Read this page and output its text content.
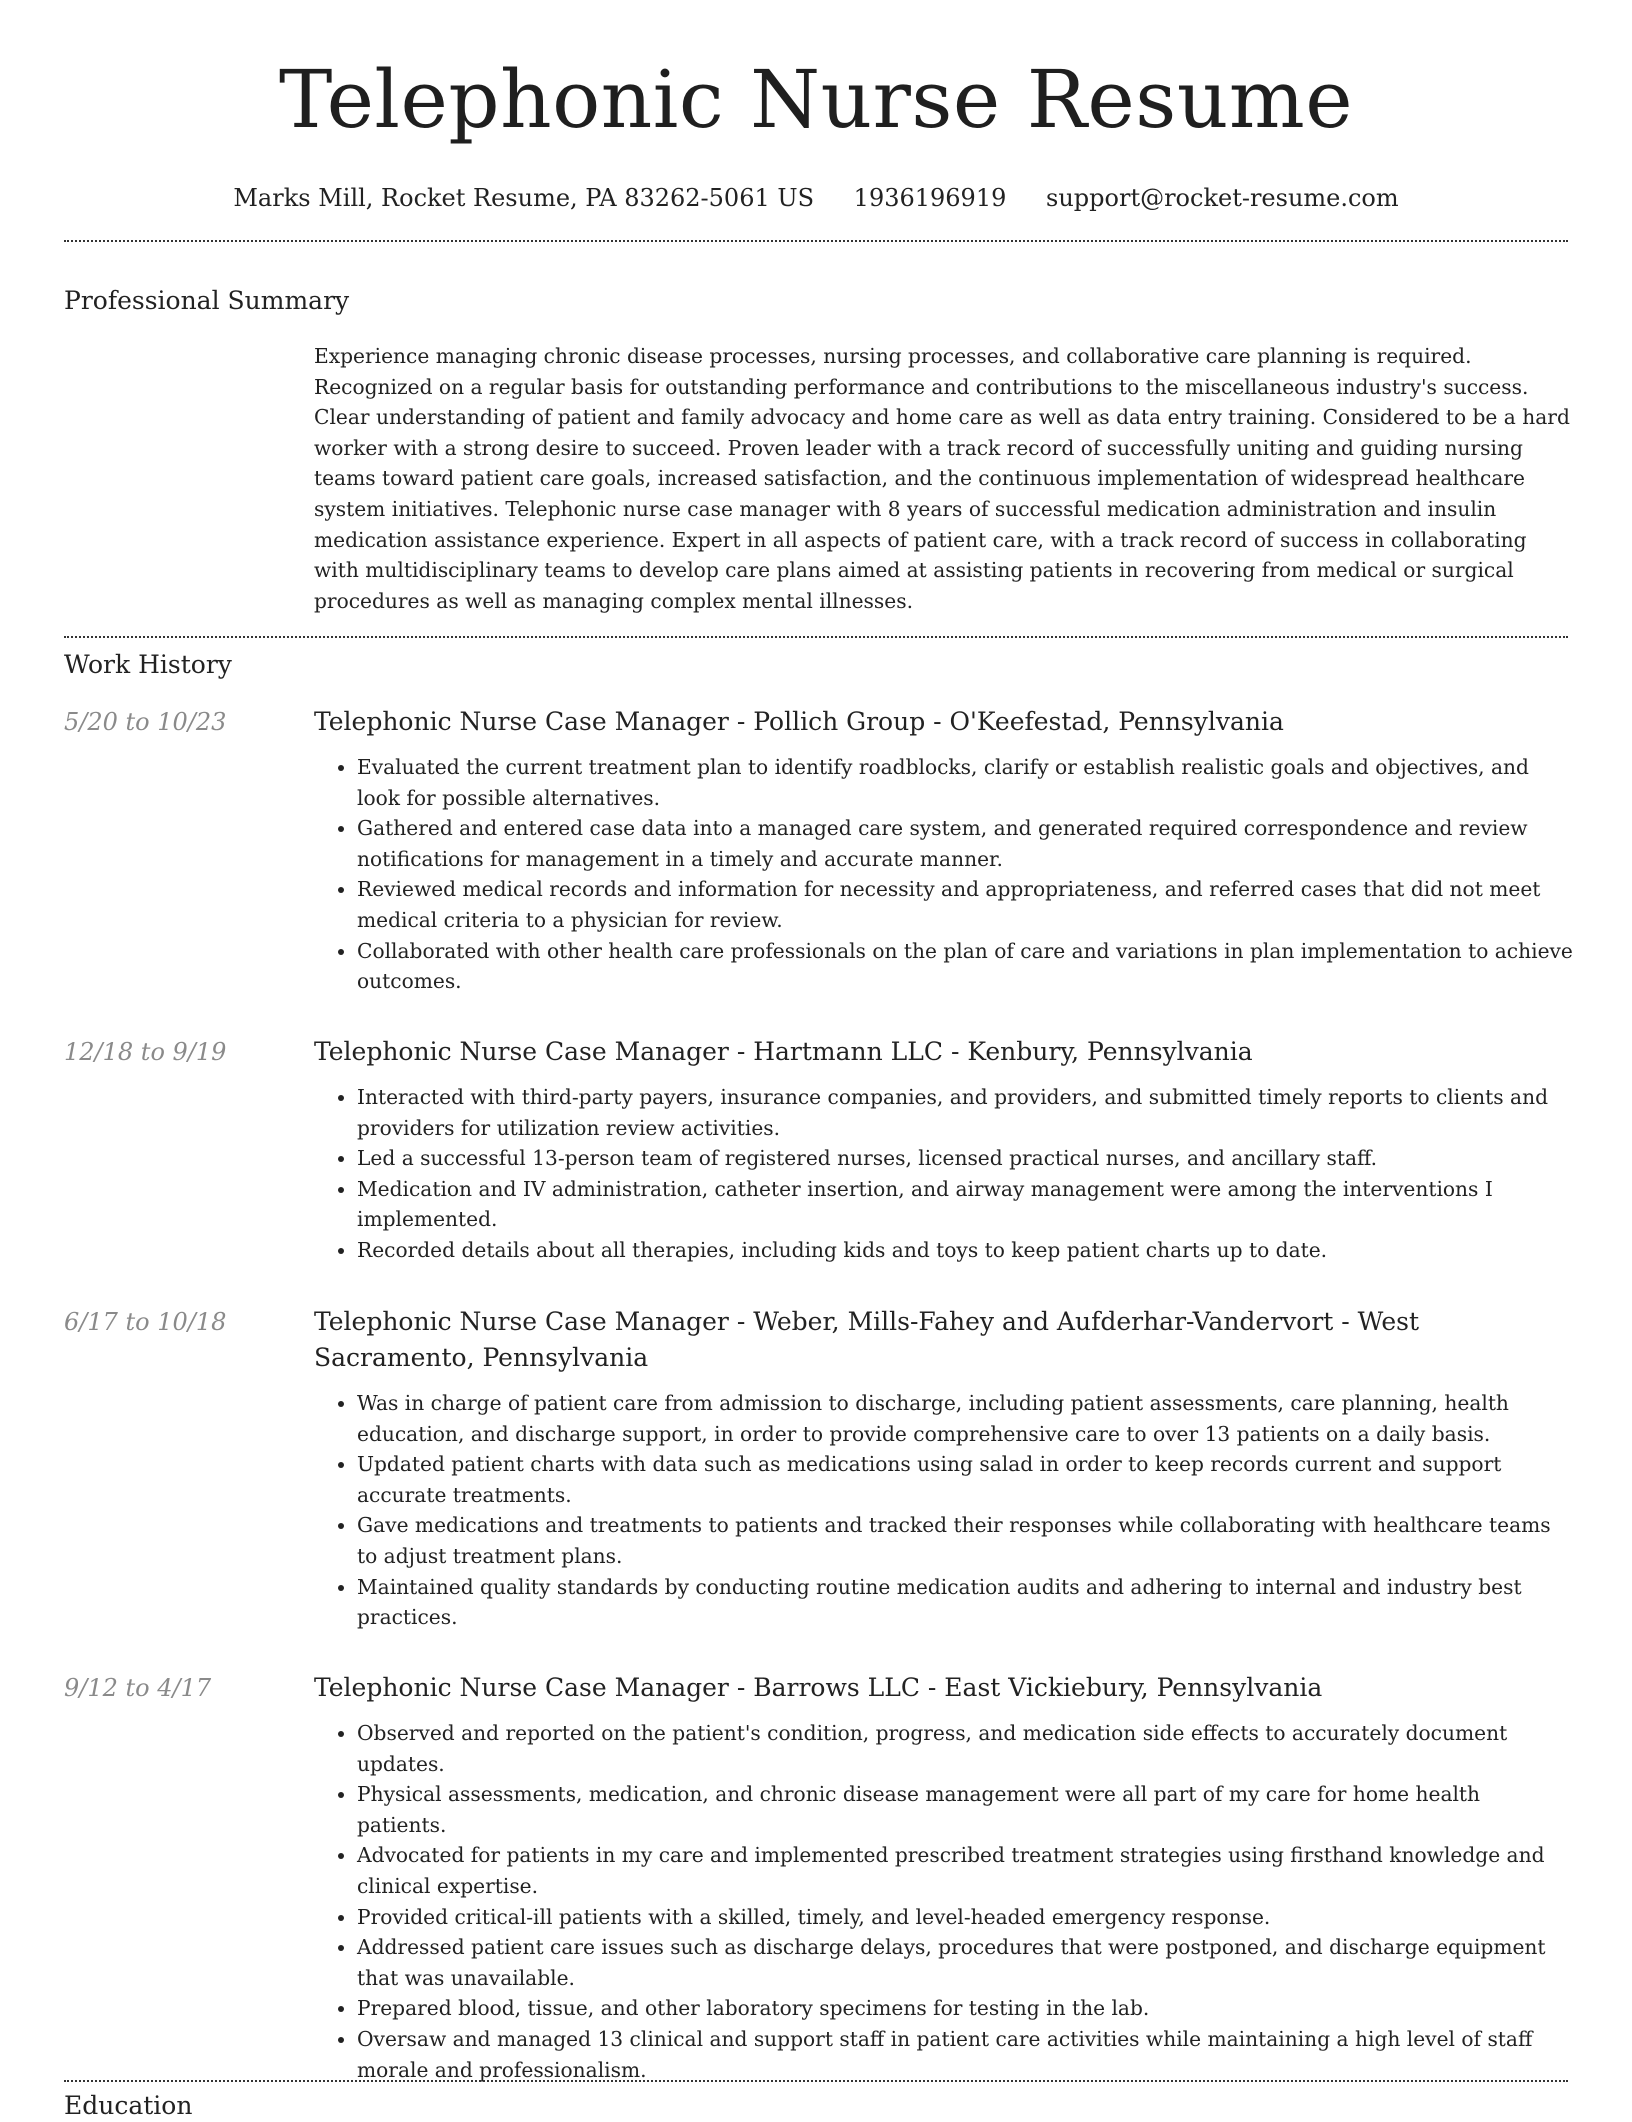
Telephonic Nurse Resume
Marks Mill, Rocket Resume, PA 83262-5061 US 1936196919 support@rocket-resume.com
Professional Summary

Experience managing chronic disease processes, nursing processes, and collaborative care planning is required. Recognized on a regular basis for outstanding performance and contributions to the miscellaneous industry's success. Clear understanding of patient and family advocacy and home care as well as data entry training. Considered to be a hard worker with a strong desire to succeed. Proven leader with a track record of successfully uniting and guiding nursing teams toward patient care goals, increased satisfaction, and the continuous implementation of widespread healthcare system initiatives. Telephonic nurse case manager with 8 years of successful medication administration and insulin medication assistance experience. Expert in all aspects of patient care, with a track record of success in collaborating with multidisciplinary teams to develop care plans aimed at assisting patients in recovering from medical or surgical procedures as well as managing complex mental illnesses.

Work History
5/20 to 10/23	Telephonic Nurse Case Manager - Pollich Group - O'Keefestad, Pennsylvania
• Evaluated the current treatment plan to identify roadblocks, clarify or establish realistic goals and objectives, and look for possible alternatives.
• Gathered and entered case data into a managed care system, and generated required correspondence and review notifications for management in a timely and accurate manner.
• Reviewed medical records and information for necessity and appropriateness, and referred cases that did not meet medical criteria to a physician for review.
• Collaborated with other health care professionals on the plan of care and variations in plan implementation to achieve outcomes.
12/18 to 9/19	Telephonic Nurse Case Manager - Hartmann LLC - Kenbury, Pennsylvania
• Interacted with third-party payers, insurance companies, and providers, and submitted timely reports to clients and providers for utilization review activities.
• Led a successful 13-person team of registered nurses, licensed practical nurses, and ancillary staff.
• Medication and IV administration, catheter insertion, and airway management were among the interventions I implemented.
• Recorded details about all therapies, including kids and toys to keep patient charts up to date.
6/17 to 10/18	Telephonic Nurse Case Manager - Weber, Mills-Fahey and Aufderhar-Vandervort - West Sacramento, Pennsylvania
• Was in charge of patient care from admission to discharge, including patient assessments, care planning, health education, and discharge support, in order to provide comprehensive care to over 13 patients on a daily basis.
• Updated patient charts with data such as medications using salad in order to keep records current and support accurate treatments.
• Gave medications and treatments to patients and tracked their responses while collaborating with healthcare teams to adjust treatment plans.
• Maintained quality standards by conducting routine medication audits and adhering to internal and industry best practices.
9/12 to 4/17	Telephonic Nurse Case Manager - Barrows LLC - East Vickiebury, Pennsylvania
• Observed and reported on the patient's condition, progress, and medication side effects to accurately document updates.
• Physical assessments, medication, and chronic disease management were all part of my care for home health patients.
• Advocated for patients in my care and implemented prescribed treatment strategies using firsthand knowledge and clinical expertise.
• Provided critical-ill patients with a skilled, timely, and level-headed emergency response.
• Addressed patient care issues such as discharge delays, procedures that were postponed, and discharge equipment that was unavailable.
• Prepared blood, tissue, and other laboratory specimens for testing in the lab.
• Oversaw and managed 13 clinical and support staff in patient care activities while maintaining a high level of staff morale and professionalism.
Education
